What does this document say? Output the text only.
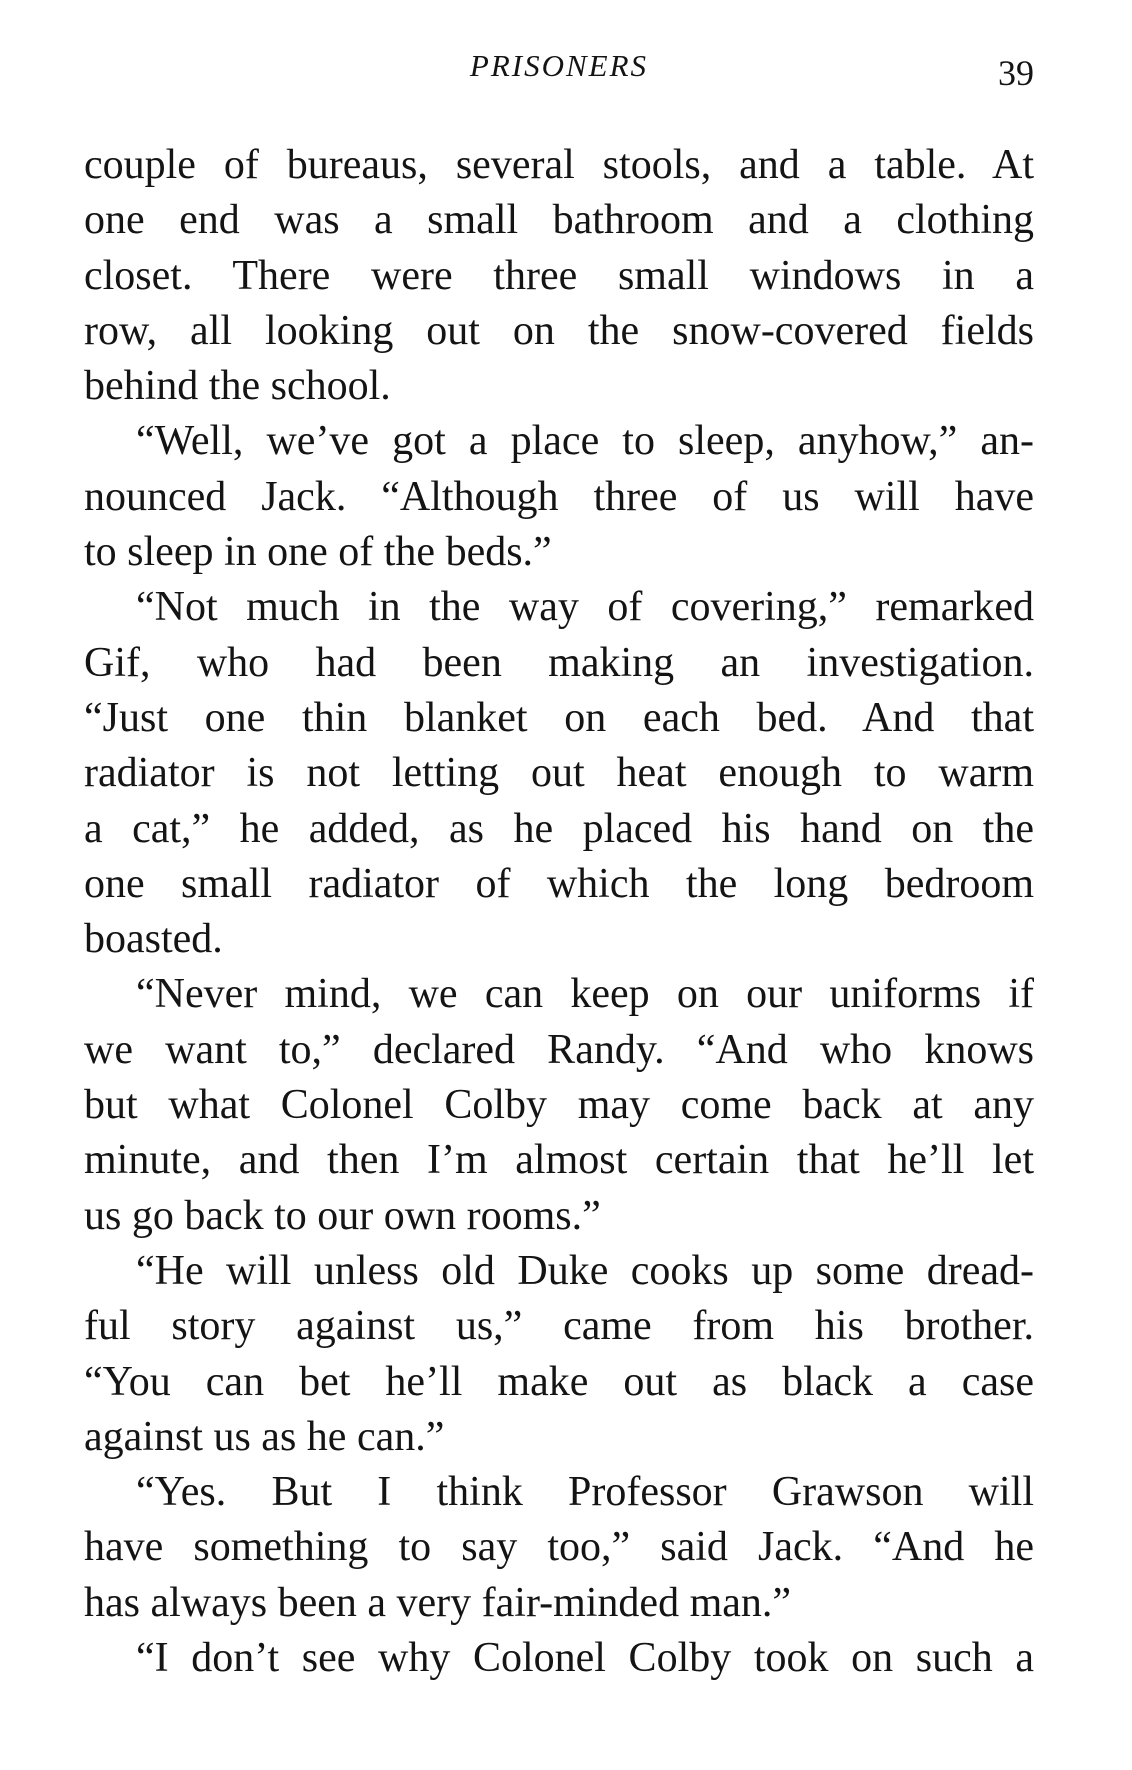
PRISONERS	39
couple of bureaus, several stools, and a table. At
one end was a small bathroom and a clothing
closet. There were three small windows in a
row, all looking out on the snow-covered fields
behind the school.
“Well, we’ve got a place to sleep, anyhow,” an-
nounced Jack. “Although three of us will have
to sleep in one of the beds.”
“Not much in the way of covering,” remarked
Gif, who had been making an investigation.
“Just one thin blanket on each bed. And that
radiator is not letting out heat enough to warm
a cat,” he added, as he placed his hand on the
one small radiator of which the long bedroom
boasted.
“Never mind, we can keep on our uniforms if
we want to,” declared Randy. “And who knows
but what Colonel Colby may come back at any
minute, and then I’m almost certain that he’ll let
us go back to our own rooms.”
“He will unless old Duke cooks up some dread-
ful story against us,” came from his brother.
“You can bet he’ll make out as black a case
against us as he can.”
“Yes. But I think Professor Grawson will
have something to say too,” said Jack. “And he
has always been a very fair-minded man.”
“I don’t see why Colonel Colby took on such a
